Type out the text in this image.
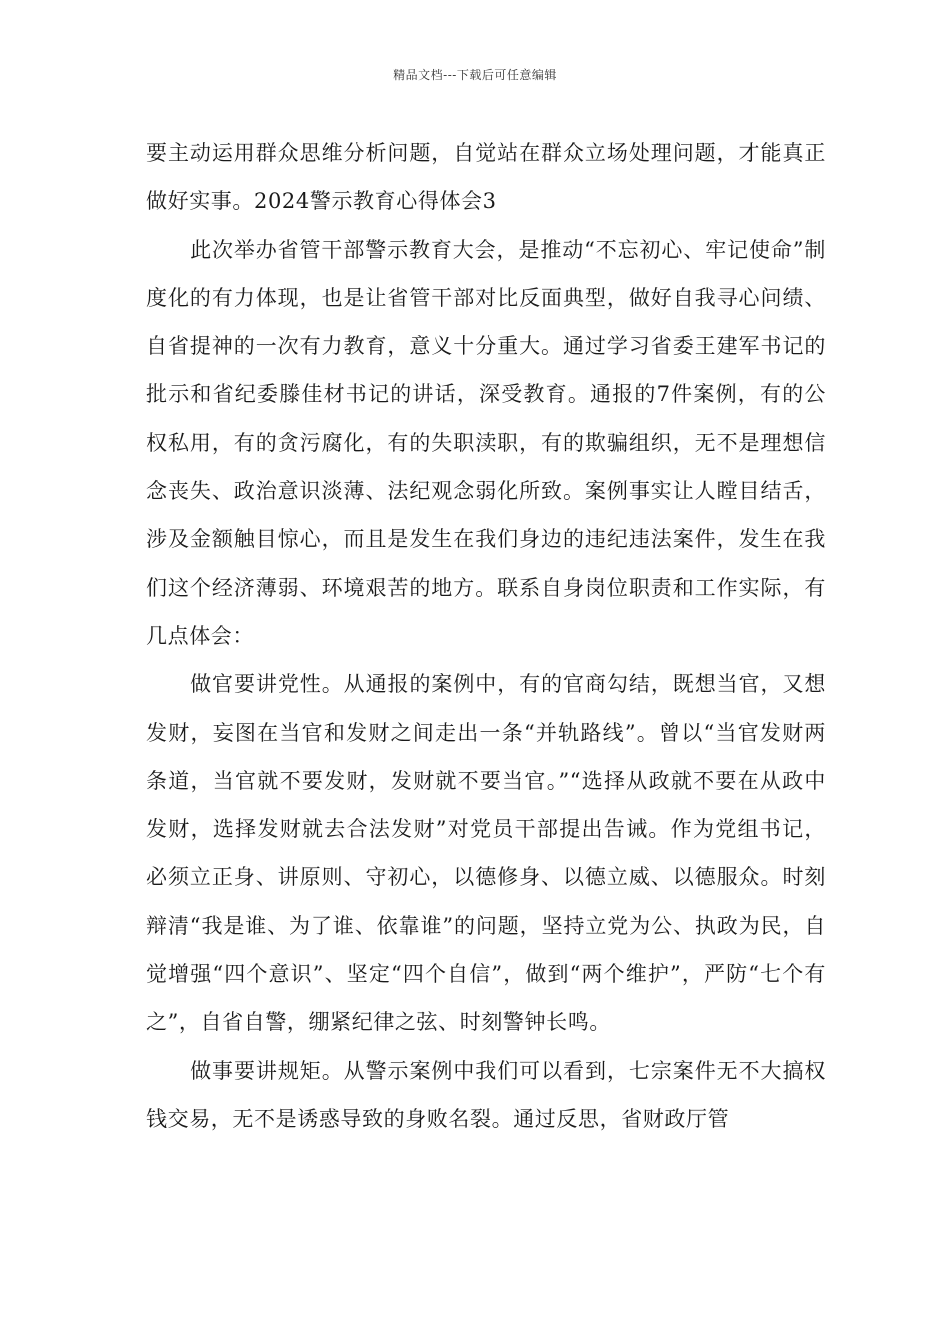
精品文档---下载后可任意编辑

要主动运用群众思维分析问题，自觉站在群众立场处理问题，才能真正做好实事。2024警示教育心得体会3

此次举办省管干部警示教育大会，是推动“不忘初心、牢记使命”制度化的有力体现，也是让省管干部对比反面典型，做好自我寻心问绩、自省提神的一次有力教育，意义十分重大。通过学习省委王建军书记的批示和省纪委滕佳材书记的讲话，深受教育。通报的7件案例，有的公权私用，有的贪污腐化，有的失职渎职，有的欺骗组织，无不是理想信念丧失、政治意识淡薄、法纪观念弱化所致。案例事实让人瞠目结舌，涉及金额触目惊心，而且是发生在我们身边的违纪违法案件，发生在我们这个经济薄弱、环境艰苦的地方。联系自身岗位职责和工作实际，有几点体会：

做官要讲党性。从通报的案例中，有的官商勾结，既想当官，又想发财，妄图在当官和发财之间走出一条“并轨路线”。曾以“当官发财两条道，当官就不要发财，发财就不要当官。”“选择从政就不要在从政中发财，选择发财就去合法发财”对党员干部提出告诫。作为党组书记，必须立正身、讲原则、守初心，以德修身、以德立威、以德服众。时刻辩清“我是谁、为了谁、依靠谁”的问题，坚持立党为公、执政为民，自觉增强“四个意识”、坚定“四个自信”，做到“两个维护”，严防“七个有之”，自省自警，绷紧纪律之弦、时刻警钟长鸣。

做事要讲规矩。从警示案例中我们可以看到，七宗案件无不大搞权钱交易，无不是诱惑导致的身败名裂。通过反思，省财政厅管
